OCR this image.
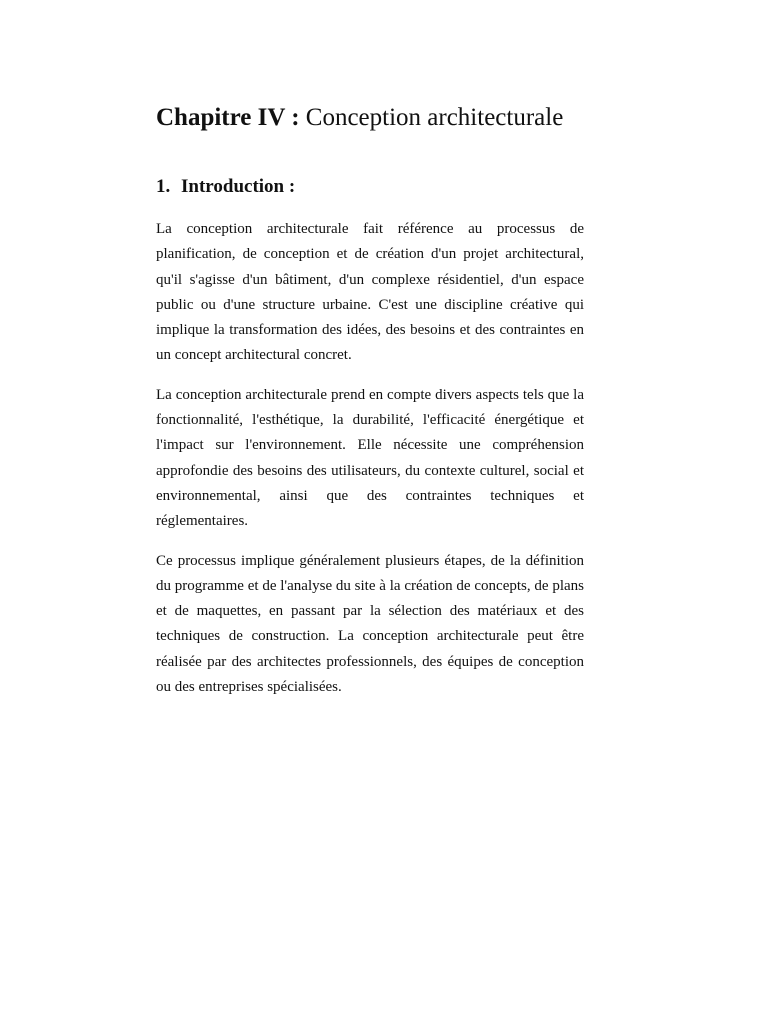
Chapitre IV : Conception architecturale
1. Introduction :

La conception architecturale fait référence au processus de planification, de conception et de création d'un projet architectural, qu'il s'agisse d'un bâtiment, d'un complexe résidentiel, d'un espace public ou d'une structure urbaine. C'est une discipline créative qui implique la transformation des idées, des besoins et des contraintes en un concept architectural concret.

La conception architecturale prend en compte divers aspects tels que la fonctionnalité, l'esthétique, la durabilité, l'efficacité énergétique et l'impact sur l'environnement. Elle nécessite une compréhension approfondie des besoins des utilisateurs, du contexte culturel, social et environnemental, ainsi que des contraintes techniques et réglementaires.

Ce processus implique généralement plusieurs étapes, de la définition du programme et de l'analyse du site à la création de concepts, de plans et de maquettes, en passant par la sélection des matériaux et des techniques de construction. La conception architecturale peut être réalisée par des architectes professionnels, des équipes de conception ou des entreprises spécialisées.
